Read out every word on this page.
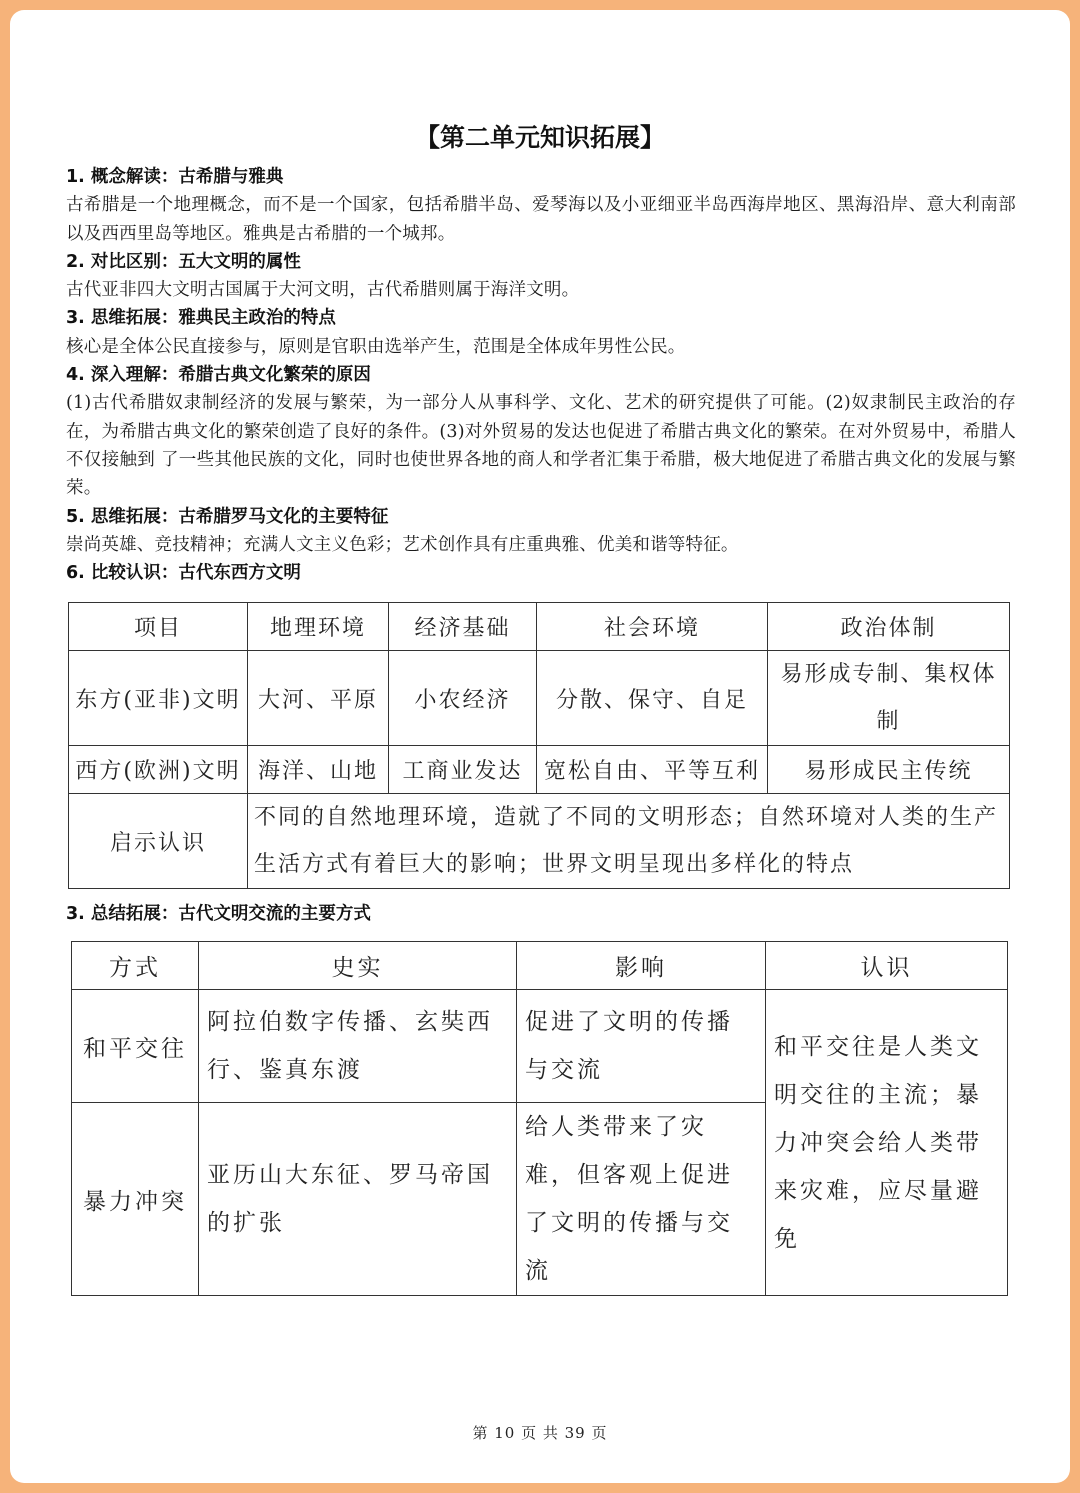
【第二单元知识拓展】
1. 概念解读：古希腊与雅典
古希腊是一个地理概念，而不是一个国家，包括希腊半岛、爱琴海以及小亚细亚半岛西海岸地区、黑海沿岸、意大利南部以及西西里岛等地区。雅典是古希腊的一个城邦。
2. 对比区别：五大文明的属性
古代亚非四大文明古国属于大河文明，古代希腊则属于海洋文明。
3. 思维拓展：雅典民主政治的特点
核心是全体公民直接参与，原则是官职由选举产生，范围是全体成年男性公民。
4. 深入理解：希腊古典文化繁荣的原因
(1)古代希腊奴隶制经济的发展与繁荣，为一部分人从事科学、文化、艺术的研究提供了可能。(2)奴隶制民主政治的存在，为希腊古典文化的繁荣创造了良好的条件。(3)对外贸易的发达也促进了希腊古典文化的繁荣。在对外贸易中，希腊人不仅接触到 了一些其他民族的文化，同时也使世界各地的商人和学者汇集于希腊，极大地促进了希腊古典文化的发展与繁荣。
5. 思维拓展：古希腊罗马文化的主要特征
崇尚英雄、竞技精神；充满人文主义色彩；艺术创作具有庄重典雅、优美和谐等特征。
6. 比较认识：古代东西方文明
项目	地理环境	经济基础	社会环境	政治体制
东方(亚非)文明	大河、平原	小农经济	分散、保守、自足	易形成专制、集权体制
西方(欧洲)文明	海洋、山地	工商业发达	宽松自由、平等互利	易形成民主传统
启示认识	不同的自然地理环境，造就了不同的文明形态；自然环境对人类的生产生活方式有着巨大的影响；世界文明呈现出多样化的特点			
3. 总结拓展：古代文明交流的主要方式
方式	史实	影响	认识
和平交往	阿拉伯数字传播、玄奘西行、鉴真东渡	促进了文明的传播与交流	和平交往是人类文明交往的主流；暴力冲突会给人类带来灾难，应尽量避免
暴力冲突	亚历山大东征、罗马帝国的扩张	给人类带来了灾难，但客观上促进了文明的传播与交流	
第 10 页 共 39 页
